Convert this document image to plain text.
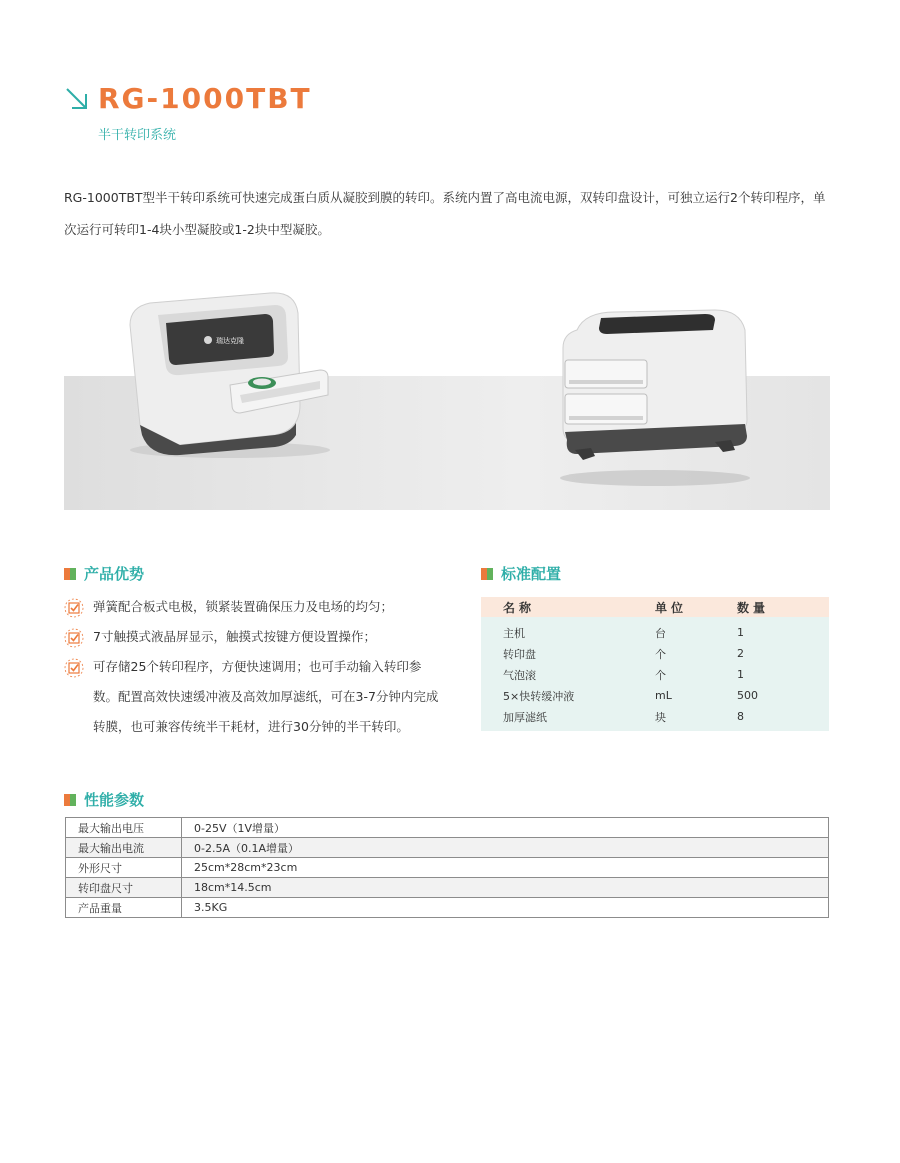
RG-1000TBT
半干转印系统

RG-1000TBT型半干转印系统可快速完成蛋白质从凝胶到膜的转印。系统内置了高电流电源，双转印盘设计，可独立运行2个转印程序，单次运行可转印1-4块小型凝胶或1-2块中型凝胶。

瑞达克隆
产品优势
弹簧配合板式电极，锁紧装置确保压力及电场的均匀；
7寸触摸式液晶屏显示，触摸式按键方便设置操作；
可存储25个转印程序，方便快速调用；也可手动输入转印参数。配置高效快速缓冲液及高效加厚滤纸，可在3-7分钟内完成转膜，也可兼容传统半干耗材，进行30分钟的半干转印。
标准配置
名称	单位	数量
主机	台	1
转印盘	个	2
气泡滚	个	1
5×快转缓冲液	mL	500
加厚滤纸	块	8
性能参数
最大输出电压	0-25V（1V增量）
最大输出电流	0-2.5A（0.1A增量）
外形尺寸	25cm*28cm*23cm
转印盘尺寸	18cm*14.5cm
产品重量	3.5KG
